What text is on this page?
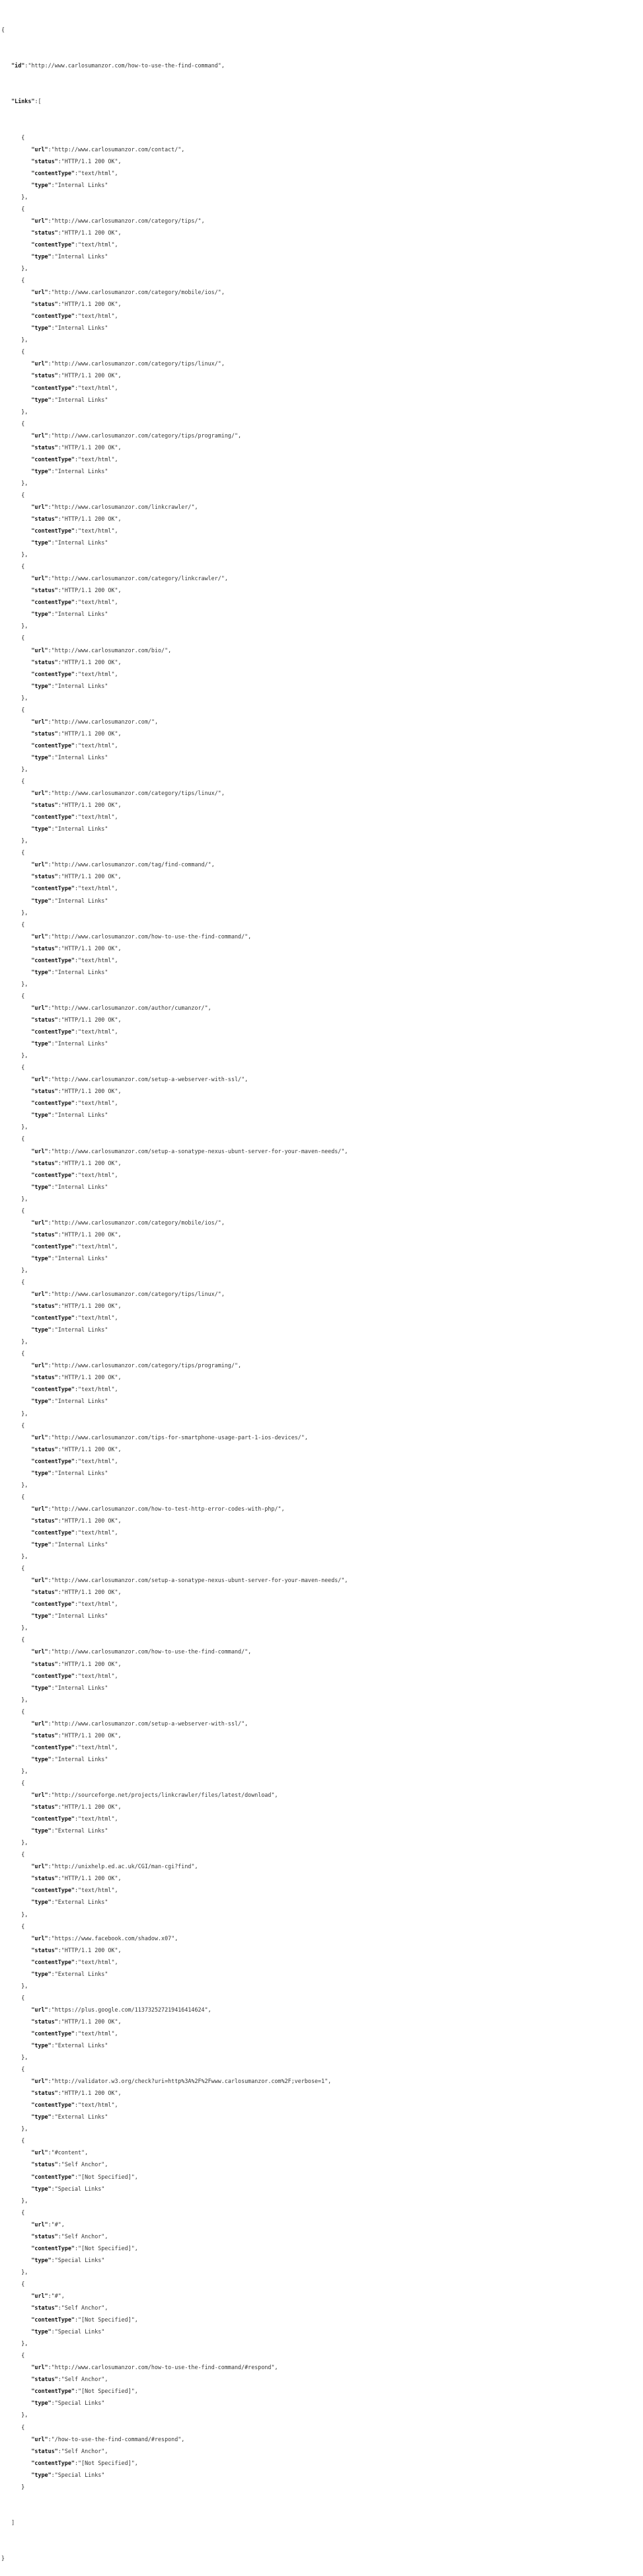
{

"id":"http://www.carlosumanzor.com/how-to-use-the-find-command",

"Links":[

{
"url":"http://www.carlosumanzor.com/contact/",
"status":"HTTP/1.1 200 OK",
"contentType":"text/html",
"type":"Internal Links"
},
{
"url":"http://www.carlosumanzor.com/category/tips/",
"status":"HTTP/1.1 200 OK",
"contentType":"text/html",
"type":"Internal Links"
},
{
"url":"http://www.carlosumanzor.com/category/mobile/ios/",
"status":"HTTP/1.1 200 OK",
"contentType":"text/html",
"type":"Internal Links"
},
{
"url":"http://www.carlosumanzor.com/category/tips/linux/",
"status":"HTTP/1.1 200 OK",
"contentType":"text/html",
"type":"Internal Links"
},
{
"url":"http://www.carlosumanzor.com/category/tips/programing/",
"status":"HTTP/1.1 200 OK",
"contentType":"text/html",
"type":"Internal Links"
},
{
"url":"http://www.carlosumanzor.com/linkcrawler/",
"status":"HTTP/1.1 200 OK",
"contentType":"text/html",
"type":"Internal Links"
},
{
"url":"http://www.carlosumanzor.com/category/linkcrawler/",
"status":"HTTP/1.1 200 OK",
"contentType":"text/html",
"type":"Internal Links"
},
{
"url":"http://www.carlosumanzor.com/bio/",
"status":"HTTP/1.1 200 OK",
"contentType":"text/html",
"type":"Internal Links"
},
{
"url":"http://www.carlosumanzor.com/",
"status":"HTTP/1.1 200 OK",
"contentType":"text/html",
"type":"Internal Links"
},
{
"url":"http://www.carlosumanzor.com/category/tips/linux/",
"status":"HTTP/1.1 200 OK",
"contentType":"text/html",
"type":"Internal Links"
},
{
"url":"http://www.carlosumanzor.com/tag/find-command/",
"status":"HTTP/1.1 200 OK",
"contentType":"text/html",
"type":"Internal Links"
},
{
"url":"http://www.carlosumanzor.com/how-to-use-the-find-command/",
"status":"HTTP/1.1 200 OK",
"contentType":"text/html",
"type":"Internal Links"
},
{
"url":"http://www.carlosumanzor.com/author/cumanzor/",
"status":"HTTP/1.1 200 OK",
"contentType":"text/html",
"type":"Internal Links"
},
{
"url":"http://www.carlosumanzor.com/setup-a-webserver-with-ssl/",
"status":"HTTP/1.1 200 OK",
"contentType":"text/html",
"type":"Internal Links"
},
{
"url":"http://www.carlosumanzor.com/setup-a-sonatype-nexus-ubunt-server-for-your-maven-needs/",
"status":"HTTP/1.1 200 OK",
"contentType":"text/html",
"type":"Internal Links"
},
{
"url":"http://www.carlosumanzor.com/category/mobile/ios/",
"status":"HTTP/1.1 200 OK",
"contentType":"text/html",
"type":"Internal Links"
},
{
"url":"http://www.carlosumanzor.com/category/tips/linux/",
"status":"HTTP/1.1 200 OK",
"contentType":"text/html",
"type":"Internal Links"
},
{
"url":"http://www.carlosumanzor.com/category/tips/programing/",
"status":"HTTP/1.1 200 OK",
"contentType":"text/html",
"type":"Internal Links"
},
{
"url":"http://www.carlosumanzor.com/tips-for-smartphone-usage-part-1-ios-devices/",
"status":"HTTP/1.1 200 OK",
"contentType":"text/html",
"type":"Internal Links"
},
{
"url":"http://www.carlosumanzor.com/how-to-test-http-error-codes-with-php/",
"status":"HTTP/1.1 200 OK",
"contentType":"text/html",
"type":"Internal Links"
},
{
"url":"http://www.carlosumanzor.com/setup-a-sonatype-nexus-ubunt-server-for-your-maven-needs/",
"status":"HTTP/1.1 200 OK",
"contentType":"text/html",
"type":"Internal Links"
},
{
"url":"http://www.carlosumanzor.com/how-to-use-the-find-command/",
"status":"HTTP/1.1 200 OK",
"contentType":"text/html",
"type":"Internal Links"
},
{
"url":"http://www.carlosumanzor.com/setup-a-webserver-with-ssl/",
"status":"HTTP/1.1 200 OK",
"contentType":"text/html",
"type":"Internal Links"
},
{
"url":"http://sourceforge.net/projects/linkcrawler/files/latest/download",
"status":"HTTP/1.1 200 OK",
"contentType":"text/html",
"type":"External Links"
},
{
"url":"http://unixhelp.ed.ac.uk/CGI/man-cgi?find",
"status":"HTTP/1.1 200 OK",
"contentType":"text/html",
"type":"External Links"
},
{
"url":"https://www.facebook.com/shadow.x07",
"status":"HTTP/1.1 200 OK",
"contentType":"text/html",
"type":"External Links"
},
{
"url":"https://plus.google.com/113732527219416414624",
"status":"HTTP/1.1 200 OK",
"contentType":"text/html",
"type":"External Links"
},
{
"url":"http://validator.w3.org/check?uri=http%3A%2F%2Fwww.carlosumanzor.com%2F;verbose=1",
"status":"HTTP/1.1 200 OK",
"contentType":"text/html",
"type":"External Links"
},
{
"url":"#content",
"status":"Self Anchor",
"contentType":"[Not Specified]",
"type":"Special Links"
},
{
"url":"#",
"status":"Self Anchor",
"contentType":"[Not Specified]",
"type":"Special Links"
},
{
"url":"#",
"status":"Self Anchor",
"contentType":"[Not Specified]",
"type":"Special Links"
},
{
"url":"http://www.carlosumanzor.com/how-to-use-the-find-command/#respond",
"status":"Self Anchor",
"contentType":"[Not Specified]",
"type":"Special Links"
},
{
"url":"/how-to-use-the-find-command/#respond",
"status":"Self Anchor",
"contentType":"[Not Specified]",
"type":"Special Links"
}

]

}
